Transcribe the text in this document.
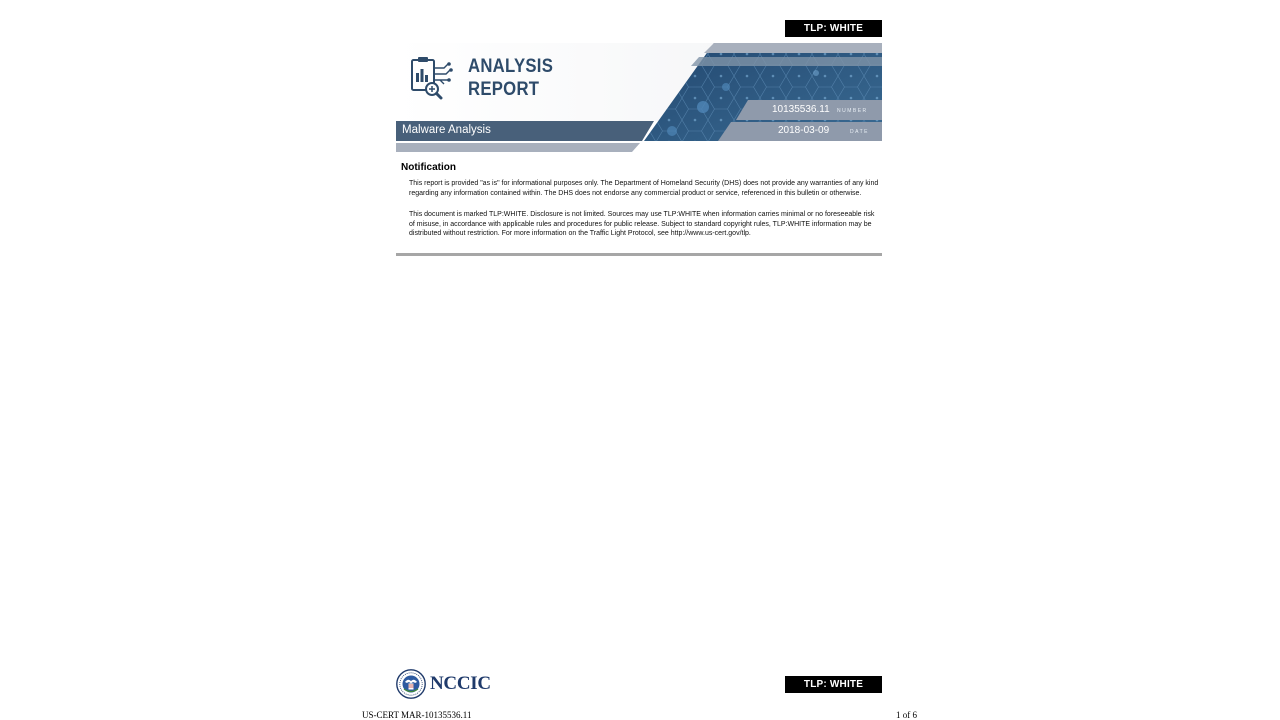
TLP: WHITE
ANALYSIS
REPORT
Malware Analysis
10135536.11 NUMBER
2018-03-09	DATE
Notification

This report is provided "as is" for informational purposes only. The Department of Homeland Security (DHS) does not provide any warranties of any kind regarding any information contained within. The DHS does not endorse any commercial product or service, referenced in this bulletin or otherwise.

This document is marked TLP:WHITE. Disclosure is not limited. Sources may use TLP:WHITE when information carries minimal or no foreseeable risk of misuse, in accordance with applicable rules and procedures for public release. Subject to standard copyright rules, TLP:WHITE information may be distributed without restriction. For more information on the Traffic Light Protocol, see http://www.us-cert.gov/tlp.

NCCIC	TLP: WHITE
US-CERT MAR-10135536.11	1 of 6
